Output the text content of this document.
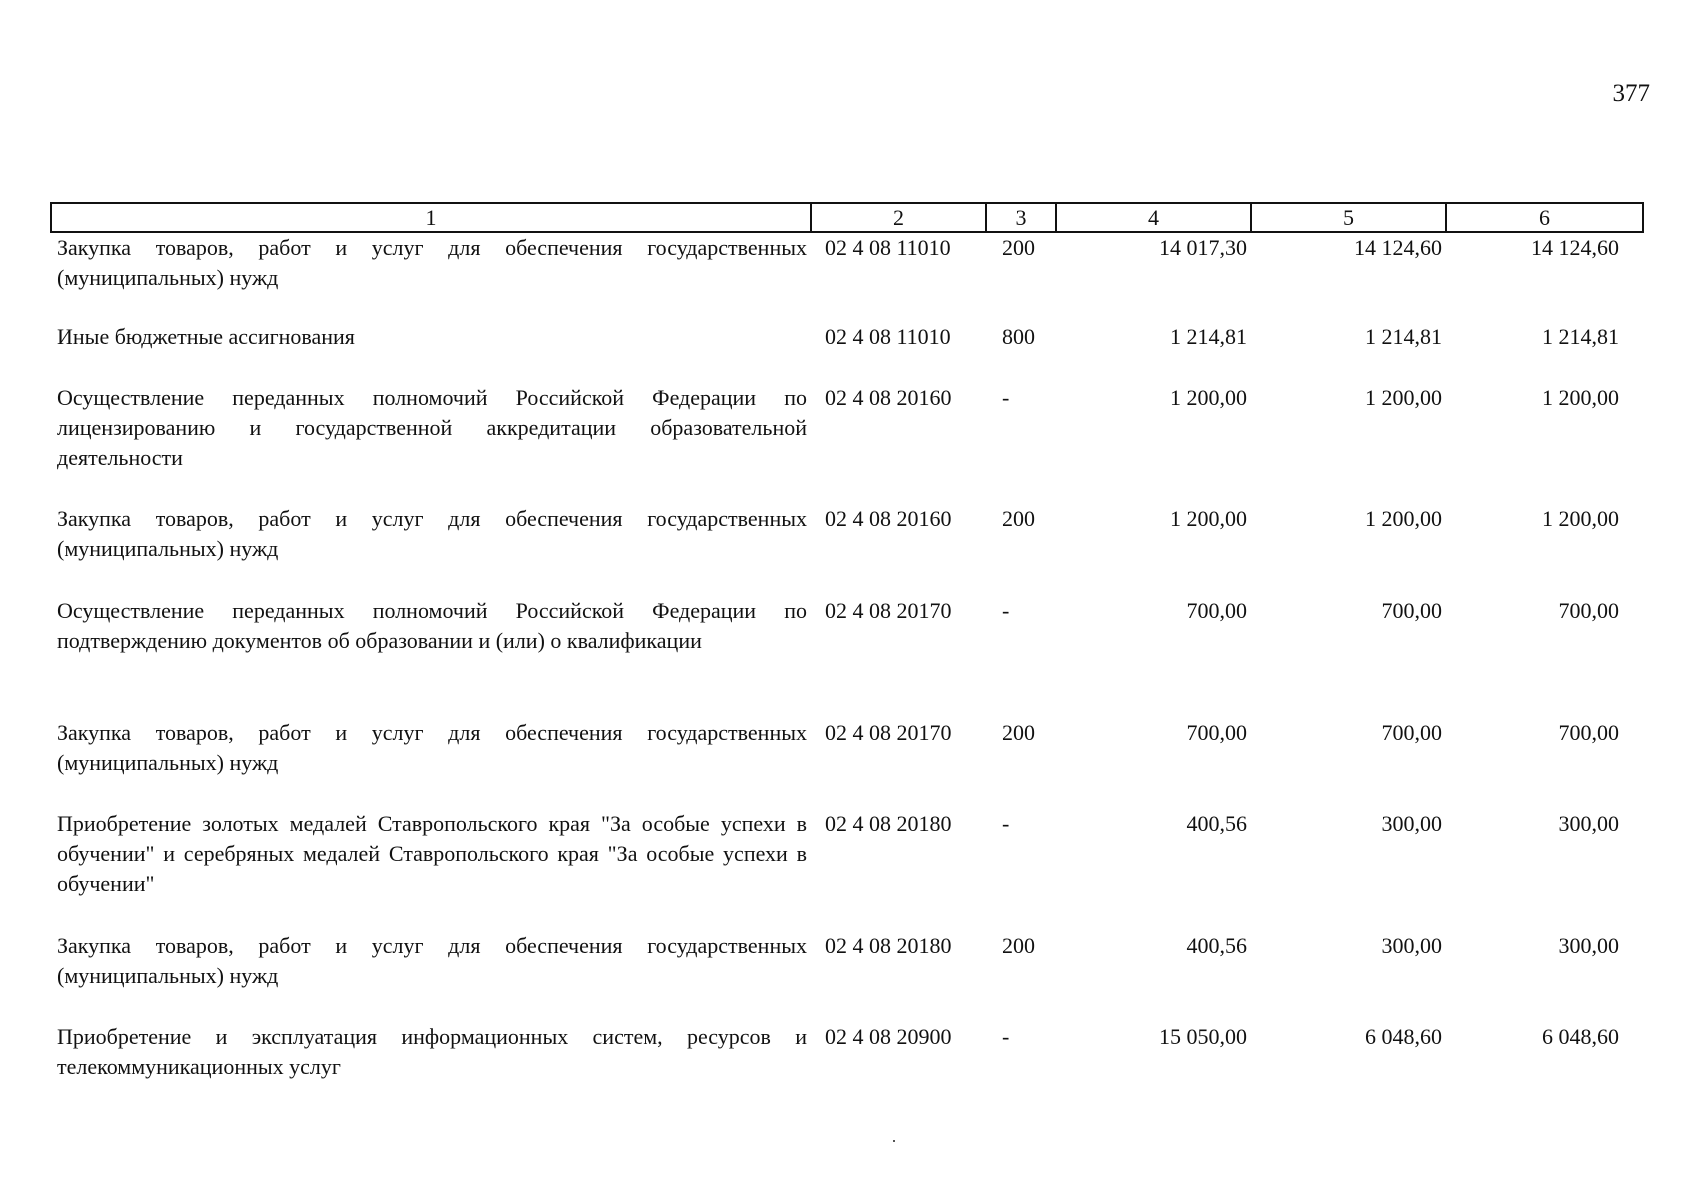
377
1	2	3	4	5	6
Закупка товаров, работ и услуг для обеспечения государственных (муниципальных) нужд	02 4 08 11010	200	14 017,30	14 124,60	14 124,60
Иные бюджетные ассигнования	02 4 08 11010	800	1 214,81	1 214,81	1 214,81
Осуществление переданных полномочий Российской Федерации по лицензированию и государственной аккредитации образовательной деятельности	02 4 08 20160	-	1 200,00	1 200,00	1 200,00
Закупка товаров, работ и услуг для обеспечения государственных (муниципальных) нужд	02 4 08 20160	200	1 200,00	1 200,00	1 200,00
Осуществление переданных полномочий Российской Федерации по подтверждению документов об образовании и (или) о квалификации	02 4 08 20170	-	700,00	700,00	700,00
Закупка товаров, работ и услуг для обеспечения государственных (муниципальных) нужд	02 4 08 20170	200	700,00	700,00	700,00
Приобретение золотых медалей Ставропольского края "За особые успехи в обучении" и серебряных медалей Ставропольского края "За особые успехи в обучении"	02 4 08 20180	-	400,56	300,00	300,00
Закупка товаров, работ и услуг для обеспечения государственных (муниципальных) нужд	02 4 08 20180	200	400,56	300,00	300,00
Приобретение и эксплуатация информационных систем, ресурсов и телекоммуникационных услуг	02 4 08 20900	-	15 050,00	6 048,60	6 048,60
